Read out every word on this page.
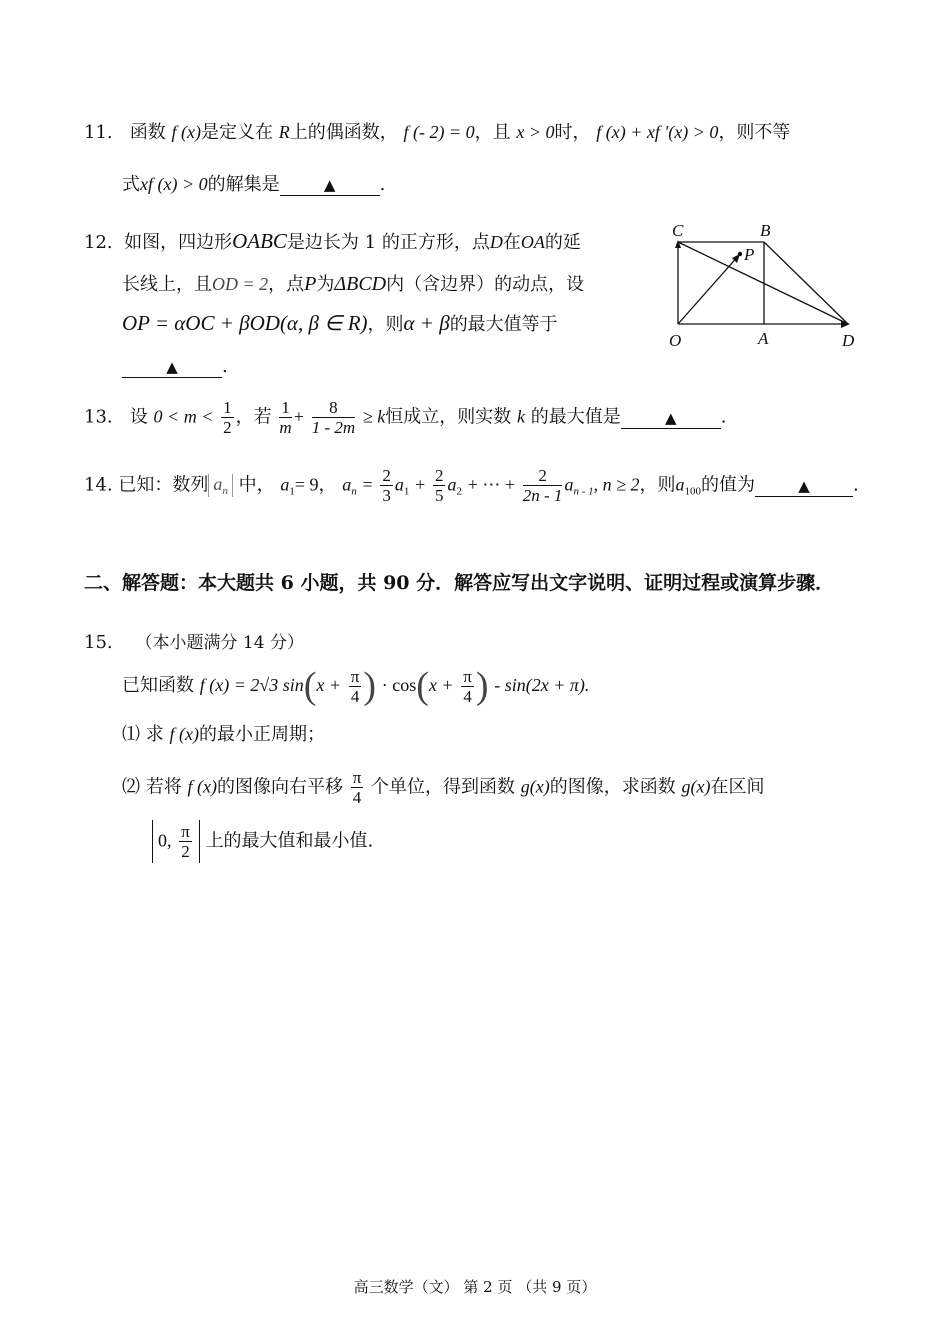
11. 函数 f (x)是定义在 R上的偶函数， f (- 2) = 0，且 x > 0时， f (x) + xf ′(x) > 0，则不等
式xf (x) > 0的解集是	▲ .
12. 如图，四边形OABC是边长为 1 的正方形，点D在OA的延
长线上，且OD = 2，点P为ΔBCD内（含边界）的动点，设
OP = αOC + βOD(α, β ∈ R)，则α + β的最大值等于
▲ .
C	B
P
O	A	D
13. 设 $0 < m < \frac{1}{2}$ ，若 $\frac{1}{m} + \frac{8}{1 - 2m} \ge k$恒成立，则实数 k 的最大值是	▲ .
14. 已知：数列 $a_n$ 中， $a_1= 9$， $a_n = \frac{2}{3} a_1 + \frac{2}{5} a_2$ + ⋯ + $\frac{2}{2n - 1} a_{n - 1}$, n ≥ 2，则$a_{100}$的值为	▲ .
二、解答题：本大题共 6 小题，共 90 分．解答应写出文字说明、证明过程或演算步骤．
15. （本小题满分 14 分）
已知函数 f (x) = 2√3 $\sin(x + \frac{\pi}{4}$ ) · $\cos(x + \frac{\pi}{4}$ ) - sin(2x + π).
⑴ 求 f (x)的最小正周期；
⑵ 若将 f (x)的图像向右平移 $\frac{\pi}{4}$ 个单位，得到函数 g(x)的图像，求函数 g(x)在区间
0, $\frac{\pi}{2}$ 上的最大值和最小值.
高三数学（文） 第 2 页 （共 9 页）
